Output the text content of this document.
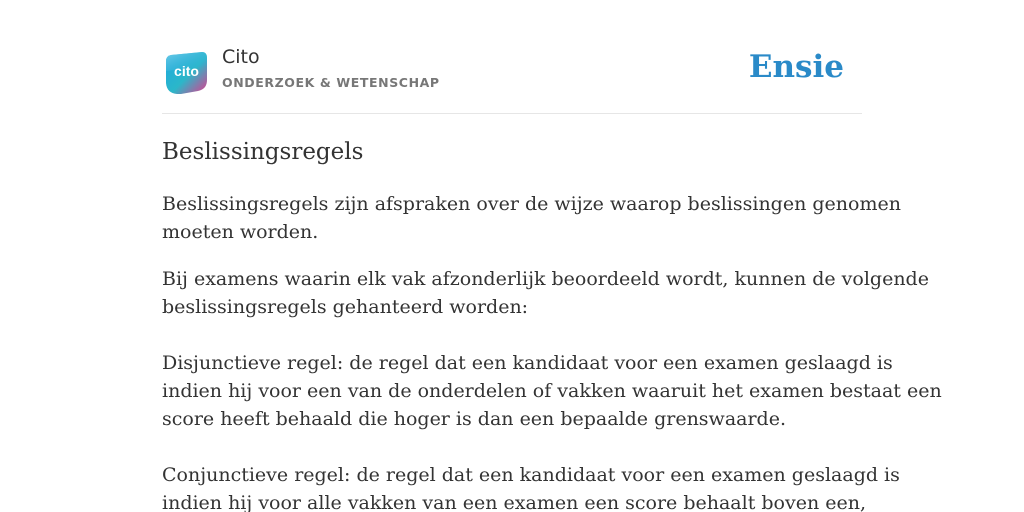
cito
Cito
ONDERZOEK & WETENSCHAP	Ensie
Beslissingsregels

Beslissingsregels zijn afspraken over de wijze waarop beslissingen genomen
moeten worden.

Bij examens waarin elk vak afzonderlijk beoordeeld wordt, kunnen de volgende
beslissingsregels gehanteerd worden:
Disjunctieve regel: de regel dat een kandidaat voor een examen geslaagd is
indien hij voor een van de onderdelen of vakken waaruit het examen bestaat een
score heeft behaald die hoger is dan een bepaalde grenswaarde.
Conjunctieve regel: de regel dat een kandidaat voor een examen geslaagd is
indien hij voor alle vakken van een examen een score behaalt boven een,
